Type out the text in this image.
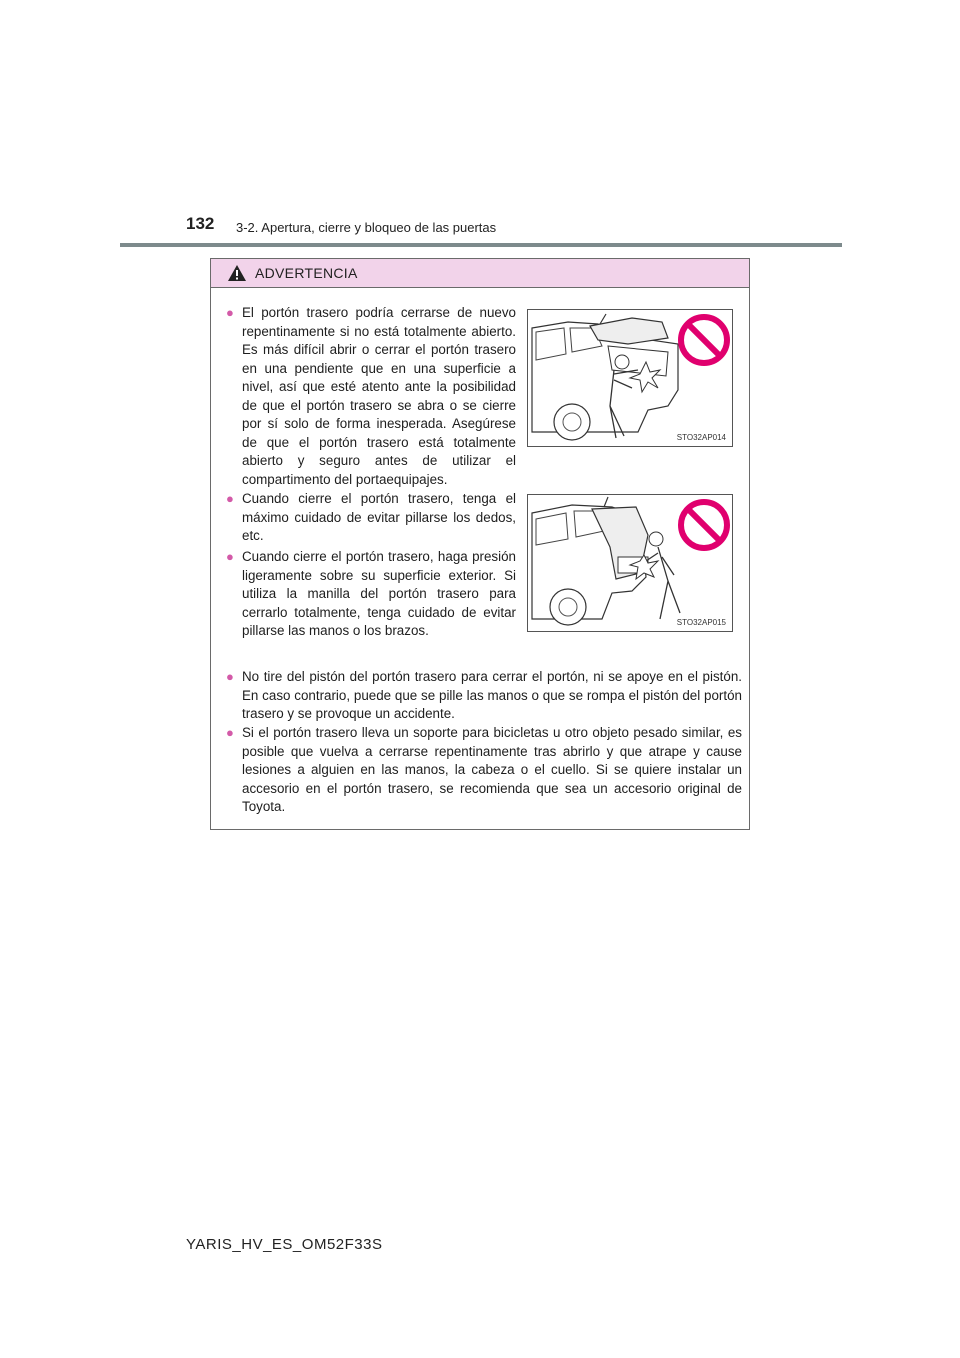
132 3-2. Apertura, cierre y bloqueo de las puertas
ADVERTENCIA
● El portón trasero podría cerrarse de nuevo repentinamente si no está totalmente abierto. Es más difícil abrir o cerrar el portón trasero en una pendiente que en una superficie a nivel, así que esté atento ante la posibilidad de que el portón trasero se abra o se cierre por sí solo de forma inesperada. Asegúrese de que el portón trasero está totalmente abierto y seguro antes de utilizar el compartimento del portaequipajes.
● Cuando cierre el portón trasero, tenga el máximo cuidado de evitar pillarse los dedos, etc.
● Cuando cierre el portón trasero, haga presión ligeramente sobre su superficie exterior. Si utiliza la manilla del portón trasero para cerrarlo totalmente, tenga cuidado de evitar pillarse las manos o los brazos.
● No tire del pistón del portón trasero para cerrar el portón, ni se apoye en el pistón. En caso contrario, puede que se pille las manos o que se rompa el pistón del portón trasero y se provoque un accidente.
● Si el portón trasero lleva un soporte para bicicletas u otro objeto pesado similar, es posible que vuelva a cerrarse repentinamente tras abrirlo y que atrape y cause lesiones a alguien en las manos, la cabeza o el cuello. Si se quiere instalar un accesorio en el portón trasero, se recomienda que sea un accesorio original de Toyota.
STO32AP014
STO32AP015
YARIS_HV_ES_OM52F33S
